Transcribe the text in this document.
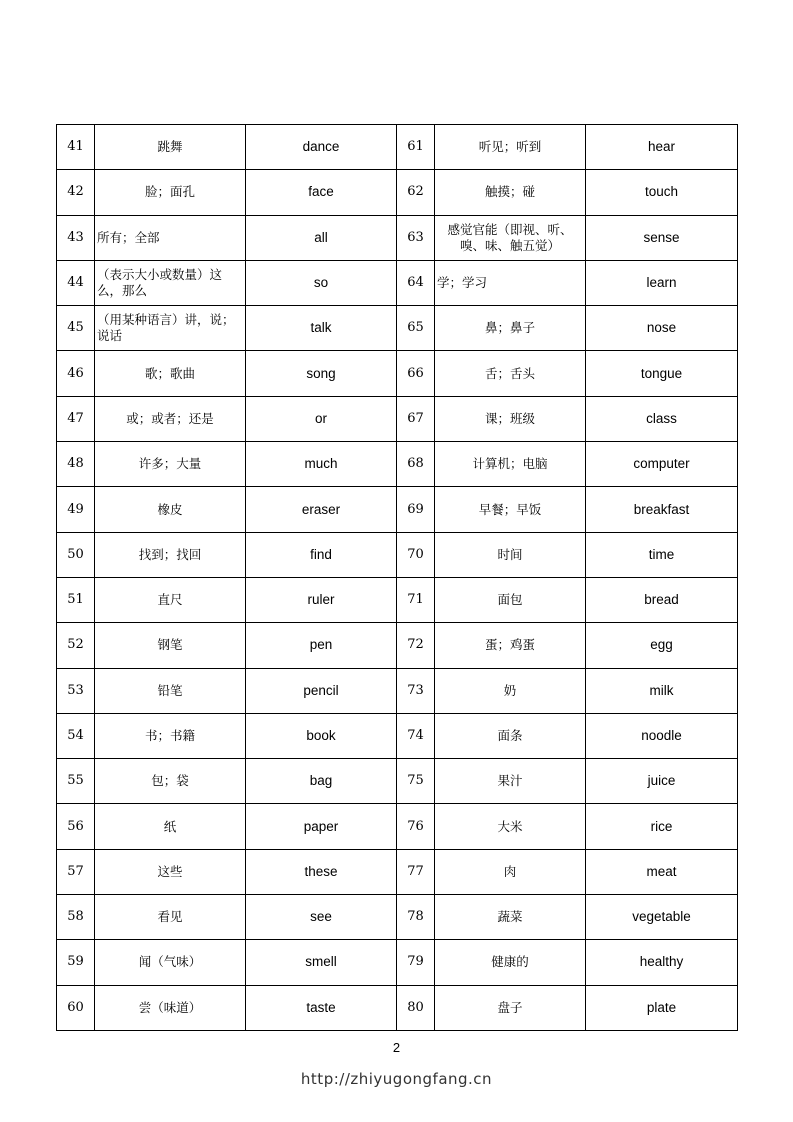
41	跳舞	dance	61	听见；听到	hear
42	脸；面孔	face	62	触摸；碰	touch
43	所有；全部	all	63	感觉官能（即视、听、嗅、味、触五觉）	sense
44	（表示大小或数量）这么，那么	so	64	学；学习	learn
45	（用某种语言）讲，说；说话	talk	65	鼻；鼻子	nose
46	歌；歌曲	song	66	舌；舌头	tongue
47	或；或者；还是	or	67	课；班级	class
48	许多；大量	much	68	计算机；电脑	computer
49	橡皮	eraser	69	早餐；早饭	breakfast
50	找到；找回	find	70	时间	time
51	直尺	ruler	71	面包	bread
52	钢笔	pen	72	蛋；鸡蛋	egg
53	铅笔	pencil	73	奶	milk
54	书；书籍	book	74	面条	noodle
55	包；袋	bag	75	果汁	juice
56	纸	paper	76	大米	rice
57	这些	these	77	肉	meat
58	看见	see	78	蔬菜	vegetable
59	闻（气味）	smell	79	健康的	healthy
60	尝（味道）	taste	80	盘子	plate
2
http://zhiyugongfang.cn
